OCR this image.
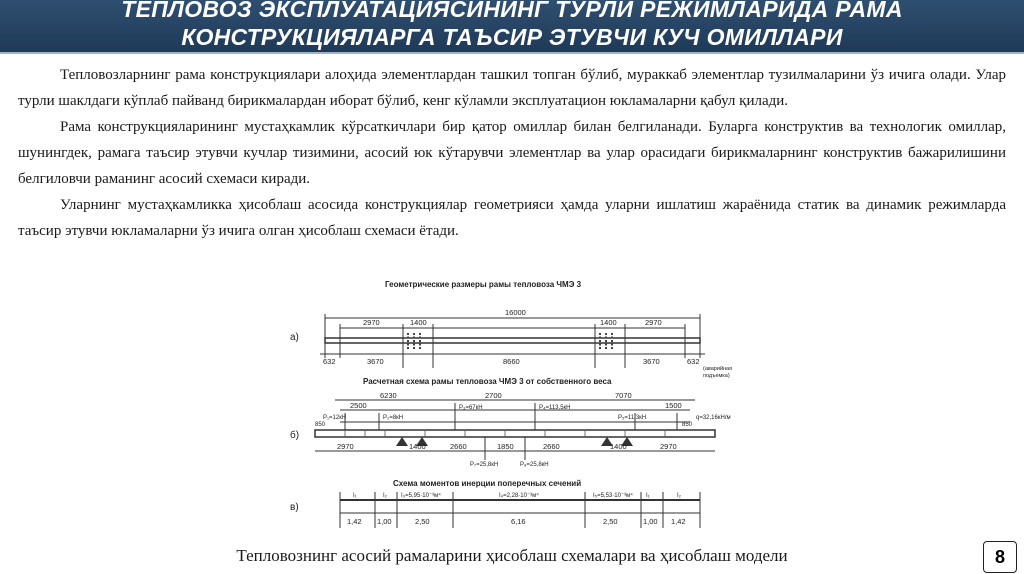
ТЕПЛОВОЗ ЭКСПЛУАТАЦИЯСИНИНГ ТУРЛИ РЕЖИМЛАРИДА РАМА
КОНСТРУКЦИЯЛАРГА ТАЪСИР ЭТУВЧИ КУЧ ОМИЛЛАРИ

Тепловозларнинг рама конструкциялари алоҳида элементлардан ташкил топган бўлиб, мураккаб элементлар тузилмаларини ўз ичига олади. Улар турли шаклдаги кўплаб пайванд бирикмалардан иборат бўлиб, кенг кўламли эксплуатацион юкламаларни қабул қилади.

Рама конструкцияларининг мустаҳкамлик кўрсаткичлари бир қатор омиллар билан белгиланади. Буларга конструктив ва технологик омиллар, шунингдек, рамага таъсир этувчи кучлар тизимини, асосий юк кўтарувчи элементлар ва улар орасидаги бирикмаларнинг конструктив бажарилишини белгиловчи раманинг асосий схемаси киради.

Уларнинг мустаҳкамликка ҳисоблаш асосида конструкциялар геометрияси ҳамда уларни ишлатиш жараёнида статик ва динамик режимларда таъсир этувчи юкламаларни ўз ичига олган ҳисоблаш схемаси ётади.

Геометрические размеры рамы тепловоза ЧМЭ 3
а)
16000
2970	1400	1400	2970
632	3670	8660	3670	632
(аварийная
подъемка)
Расчетная схема рамы тепловоза ЧМЭ 3 от собственного веса
б)
6230	2700	7070
2500	1500
850	850
P₁=12кН	P₂=8кН
P₃=67кН	P₄=113,5кН
P₅=11,3кН	q=32,16кН/м
2970	1400	2660	1850	2660	1400	2970
P₇=25,8кН	P₈=25,8кН
Схема моментов инерции поперечных сечений
в)
I₁	I₂ I₃=5,95·10⁻³м⁴	I₄=2,28·10⁻³м⁴	I₅=5,53·10⁻³м⁴ I₁	I₂
1,42 1,00	2,50	6,16	2,50	1,00 1,42
Тепловознинг асосий рамаларини ҳисоблаш схемалари ва ҳисоблаш модели	8
